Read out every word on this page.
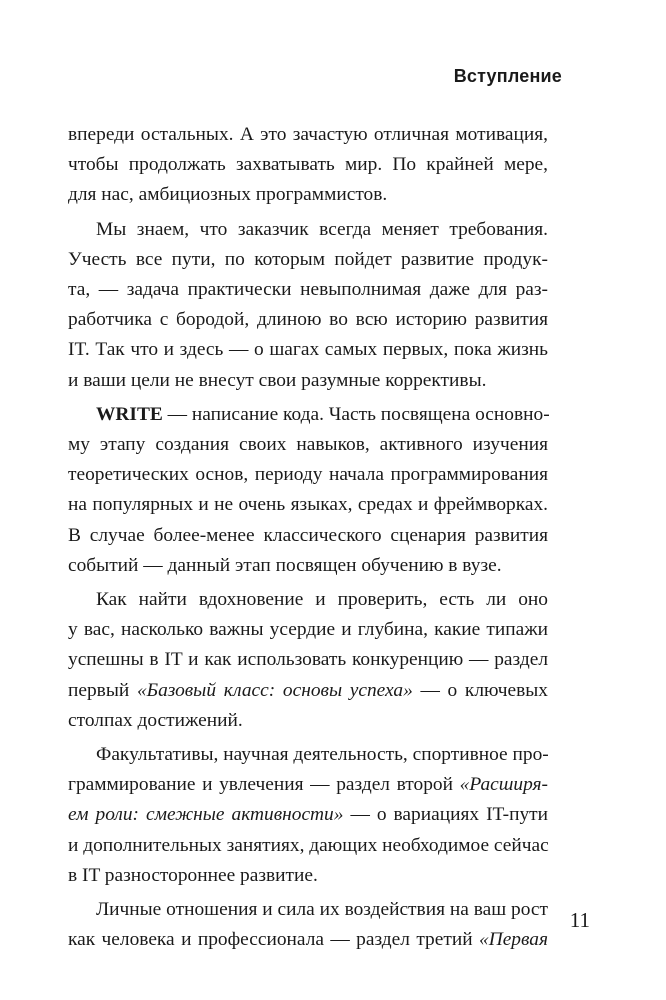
Вступление
впереди остальных. А это зачастую отличная мотивация,
чтобы продолжать захватывать мир. По крайней мере,
для нас, амбициозных программистов.
Мы знаем, что заказчик всегда меняет требования.
Учесть все пути, по которым пойдет развитие продук-
та, — задача практически невыполнимая даже для раз-
работчика с бородой, длиною во всю историю развития
IT. Так что и здесь — о шагах самых первых, пока жизнь
и ваши цели не внесут свои разумные коррективы.
WRITE — написание кода. Часть посвящена основно-
му этапу создания своих навыков, активного изучения
теоретических основ, периоду начала программирования
на популярных и не очень языках, средах и фреймворках.
В случае более-менее классического сценария развития
событий — данный этап посвящен обучению в вузе.
Как найти вдохновение и проверить, есть ли оно
у вас, насколько важны усердие и глубина, какие типажи
успешны в IT и как использовать конкуренцию — раздел
первый «Базовый класс: основы успеха» — о ключевых
столпах достижений.
Факультативы, научная деятельность, спортивное про-
граммирование и увлечения — раздел второй «Расширя-
ем роли: смежные активности» — о вариациях IT-пути
и дополнительных занятиях, дающих необходимое сейчас
в IT разностороннее развитие.
Личные отношения и сила их воздействия на ваш рост
как человека и профессионала — раздел третий «Первая
11
